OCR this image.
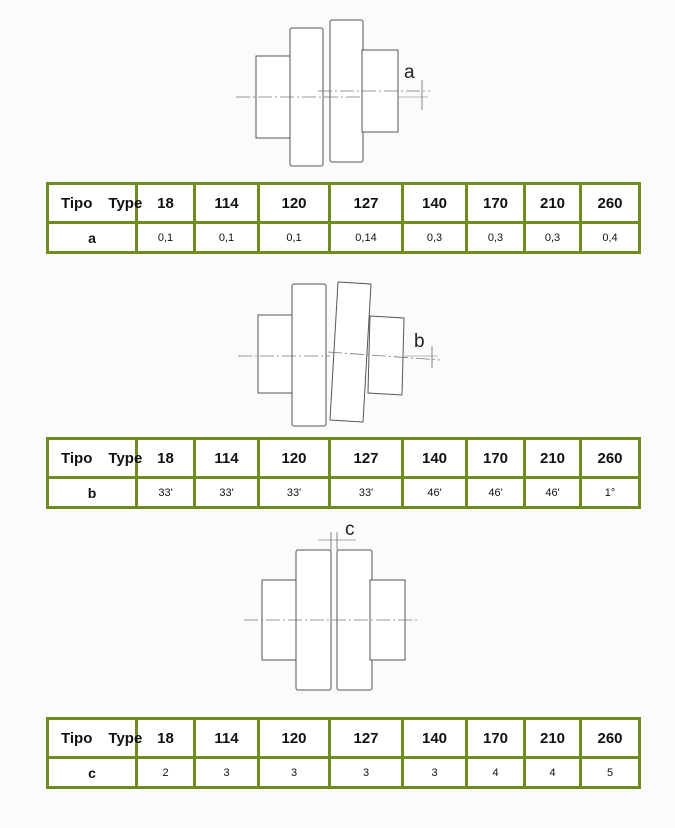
a
Tipo Type	18	114	120	127	140	170	210	260
a	0,1	0,1	0,1	0,14	0,3	0,3	0,3	0,4
b
Tipo Type	18	114	120	127	140	170	210	260
b	33'	33'	33'	33'	46'	46'	46'	1°
c
Tipo Type	18	114	120	127	140	170	210	260
c	2	3	3	3	3	4	4	5
